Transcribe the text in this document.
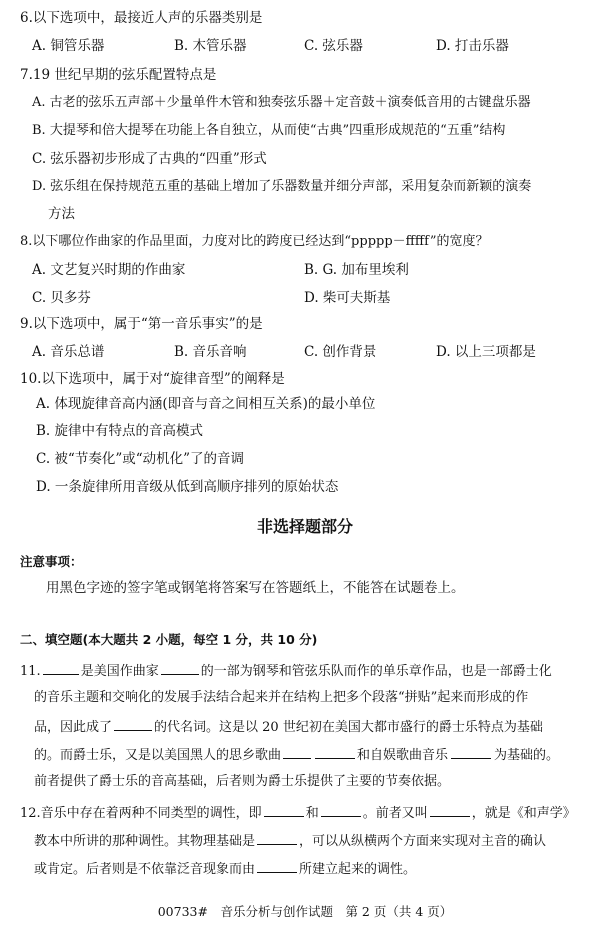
6.以下选项中，最接近人声的乐器类别是
A. 铜管乐器	B. 木管乐器	C. 弦乐器	D. 打击乐器
7.19 世纪早期的弦乐配置特点是
A. 古老的弦乐五声部＋少量单件木管和独奏弦乐器＋定音鼓＋演奏低音用的古键盘乐器
B. 大提琴和倍大提琴在功能上各自独立，从而使“古典”四重形成规范的“五重”结构
C. 弦乐器初步形成了古典的“四重”形式
D. 弦乐组在保持规范五重的基础上增加了乐器数量并细分声部，采用复杂而新颖的演奏
方法
8.以下哪位作曲家的作品里面，力度对比的跨度已经达到“ppppp－fffff”的宽度？
A. 文艺复兴时期的作曲家	B. G. 加布里埃利
C. 贝多芬	D. 柴可夫斯基
9.以下选项中，属于“第一音乐事实”的是
A. 音乐总谱	B. 音乐音响	C. 创作背景	D. 以上三项都是
10.以下选项中，属于对“旋律音型”的阐释是
A. 体现旋律音高内涵(即音与音之间相互关系)的最小单位
B. 旋律中有特点的音高模式
C. 被“节奏化”或“动机化”了的音调
D. 一条旋律所用音级从低到高顺序排列的原始状态
非选择题部分
注意事项：
用黑色字迹的签字笔或钢笔将答案写在答题纸上，不能答在试题卷上。
二、填空题(本大题共 2 小题，每空 1 分，共 10 分)
11.	是美国作曲家	的一部为钢琴和管弦乐队而作的单乐章作品，也是一部爵士化
的音乐主题和交响化的发展手法结合起来并在结构上把多个段落“拼贴”起来而形成的作
品，因此成了	的代名词。这是以 20 世纪初在美国大都市盛行的爵士乐特点为基础
的。而爵士乐，又是以美国黑人的思乡歌曲	和自娱歌曲音乐	为基础的。
前者提供了爵士乐的音高基础，后者则为爵士乐提供了主要的节奏依据。
12.音乐中存在着两种不同类型的调性，即	和	。前者又叫	，就是《和声学》
教本中所讲的那种调性。其物理基础是	，可以从纵横两个方面来实现对主音的确认
或肯定。后者则是不依靠泛音现象而由	所建立起来的调性。
00733#　音乐分析与创作试题　第 2 页（共 4 页）
